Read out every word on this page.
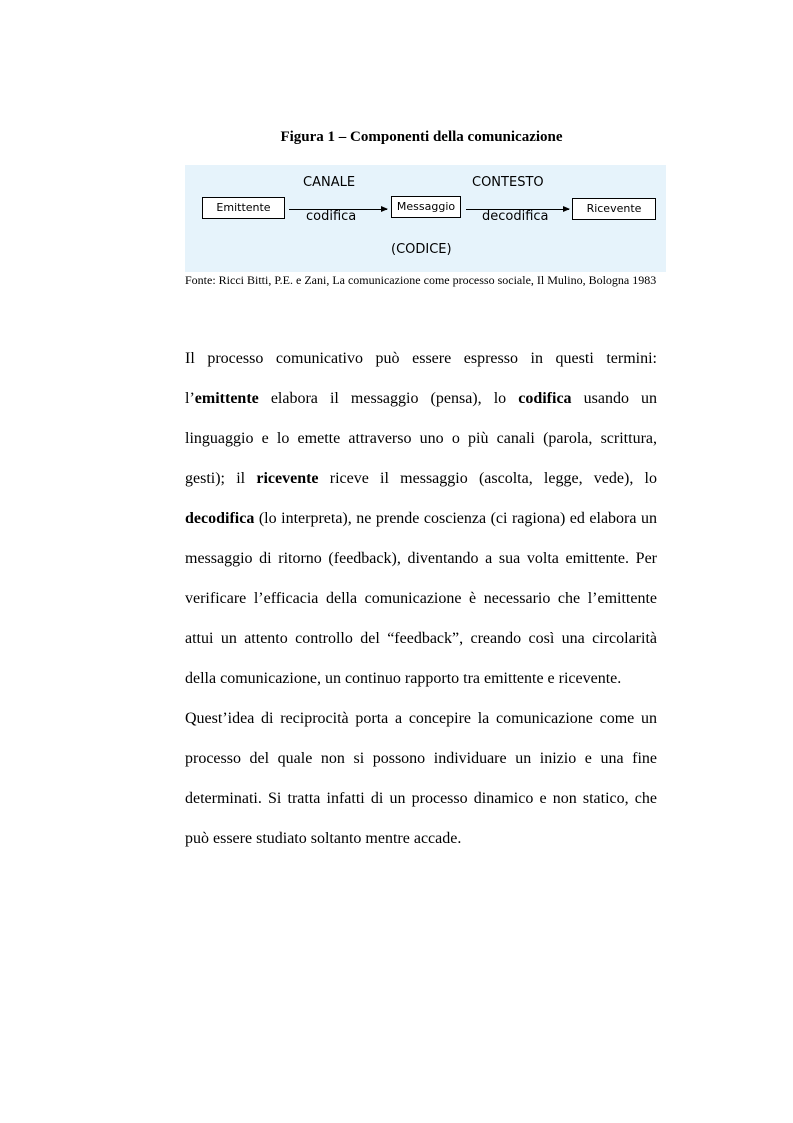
Figura 1 – Componenti della comunicazione
CANALE	CONTESTO
Emittente	Messaggio	Ricevente
codifica	decodifica
(CODICE)
Fonte: Ricci Bitti, P.E. e Zani, La comunicazione come processo sociale, Il Mulino, Bologna 1983

Il processo comunicativo può essere espresso in questi termini: l’emittente elabora il messaggio (pensa), lo codifica usando un linguaggio e lo emette attraverso uno o più canali (parola, scrittura, gesti); il ricevente riceve il messaggio (ascolta, legge, vede), lo decodifica (lo interpreta), ne prende coscienza (ci ragiona) ed elabora un messaggio di ritorno (feedback), diventando a sua volta emittente. Per verificare l’efficacia della comunicazione è necessario che l’emittente attui un attento controllo del “feedback”, creando così una circolarità della comunicazione, un continuo rapporto tra emittente e ricevente.

Quest’idea di reciprocità porta a concepire la comunicazione come un processo del quale non si possono individuare un inizio e una fine determinati. Si tratta infatti di un processo dinamico e non statico, che può essere studiato soltanto mentre accade.
